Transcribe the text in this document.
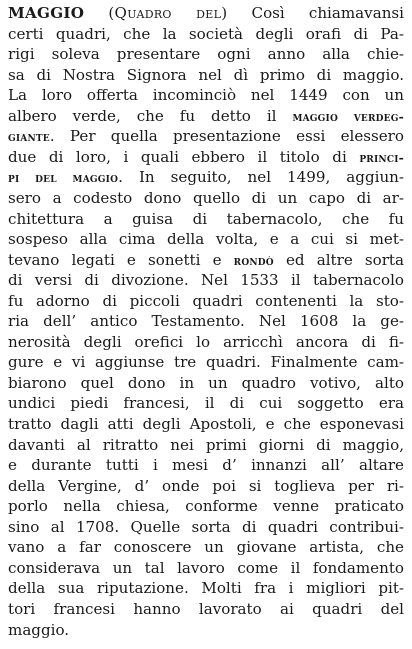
MAGGIO (Quadro del) Così chiamavansi
certi quadri, che la società degli orafi di Pa-
rigi soleva presentare ogni anno alla chie-
sa di Nostra Signora nel dì primo di maggio.
La loro offerta incominciò nel 1449 con un
albero verde, che fu detto il maggio verdeg-
giante. Per quella presentazione essi elessero
due di loro, i quali ebbero il titolo di princi-
pi del maggio. In seguito, nel 1499, aggiun-
sero a codesto dono quello di un capo di ar-
chitettura a guisa di tabernacolo, che fu
sospeso alla cima della volta, e a cui si met-
tevano legati e sonetti e rondò ed altre sorta
di versi di divozione. Nel 1533 il tabernacolo
fu adorno di piccoli quadri contenenti la sto-
ria dell’ antico Testamento. Nel 1608 la ge-
nerosità degli orefici lo arricchì ancora di fi-
gure e vi aggiunse tre quadri. Finalmente cam-
biarono quel dono in un quadro votivo, alto
undici piedi francesi, il di cui soggetto era
tratto dagli atti degli Apostoli, e che esponevasi
davanti al ritratto nei primi giorni di maggio,
e durante tutti i mesi d’ innanzi all’ altare
della Vergine, d’ onde poi si toglieva per ri-
porlo nella chiesa, conforme venne praticato
sino al 1708. Quelle sorta di quadri contribui-
vano a far conoscere un giovane artista, che
considerava un tal lavoro come il fondamento
della sua riputazione. Molti fra i migliori pit-
tori francesi hanno lavorato ai quadri del
maggio.
